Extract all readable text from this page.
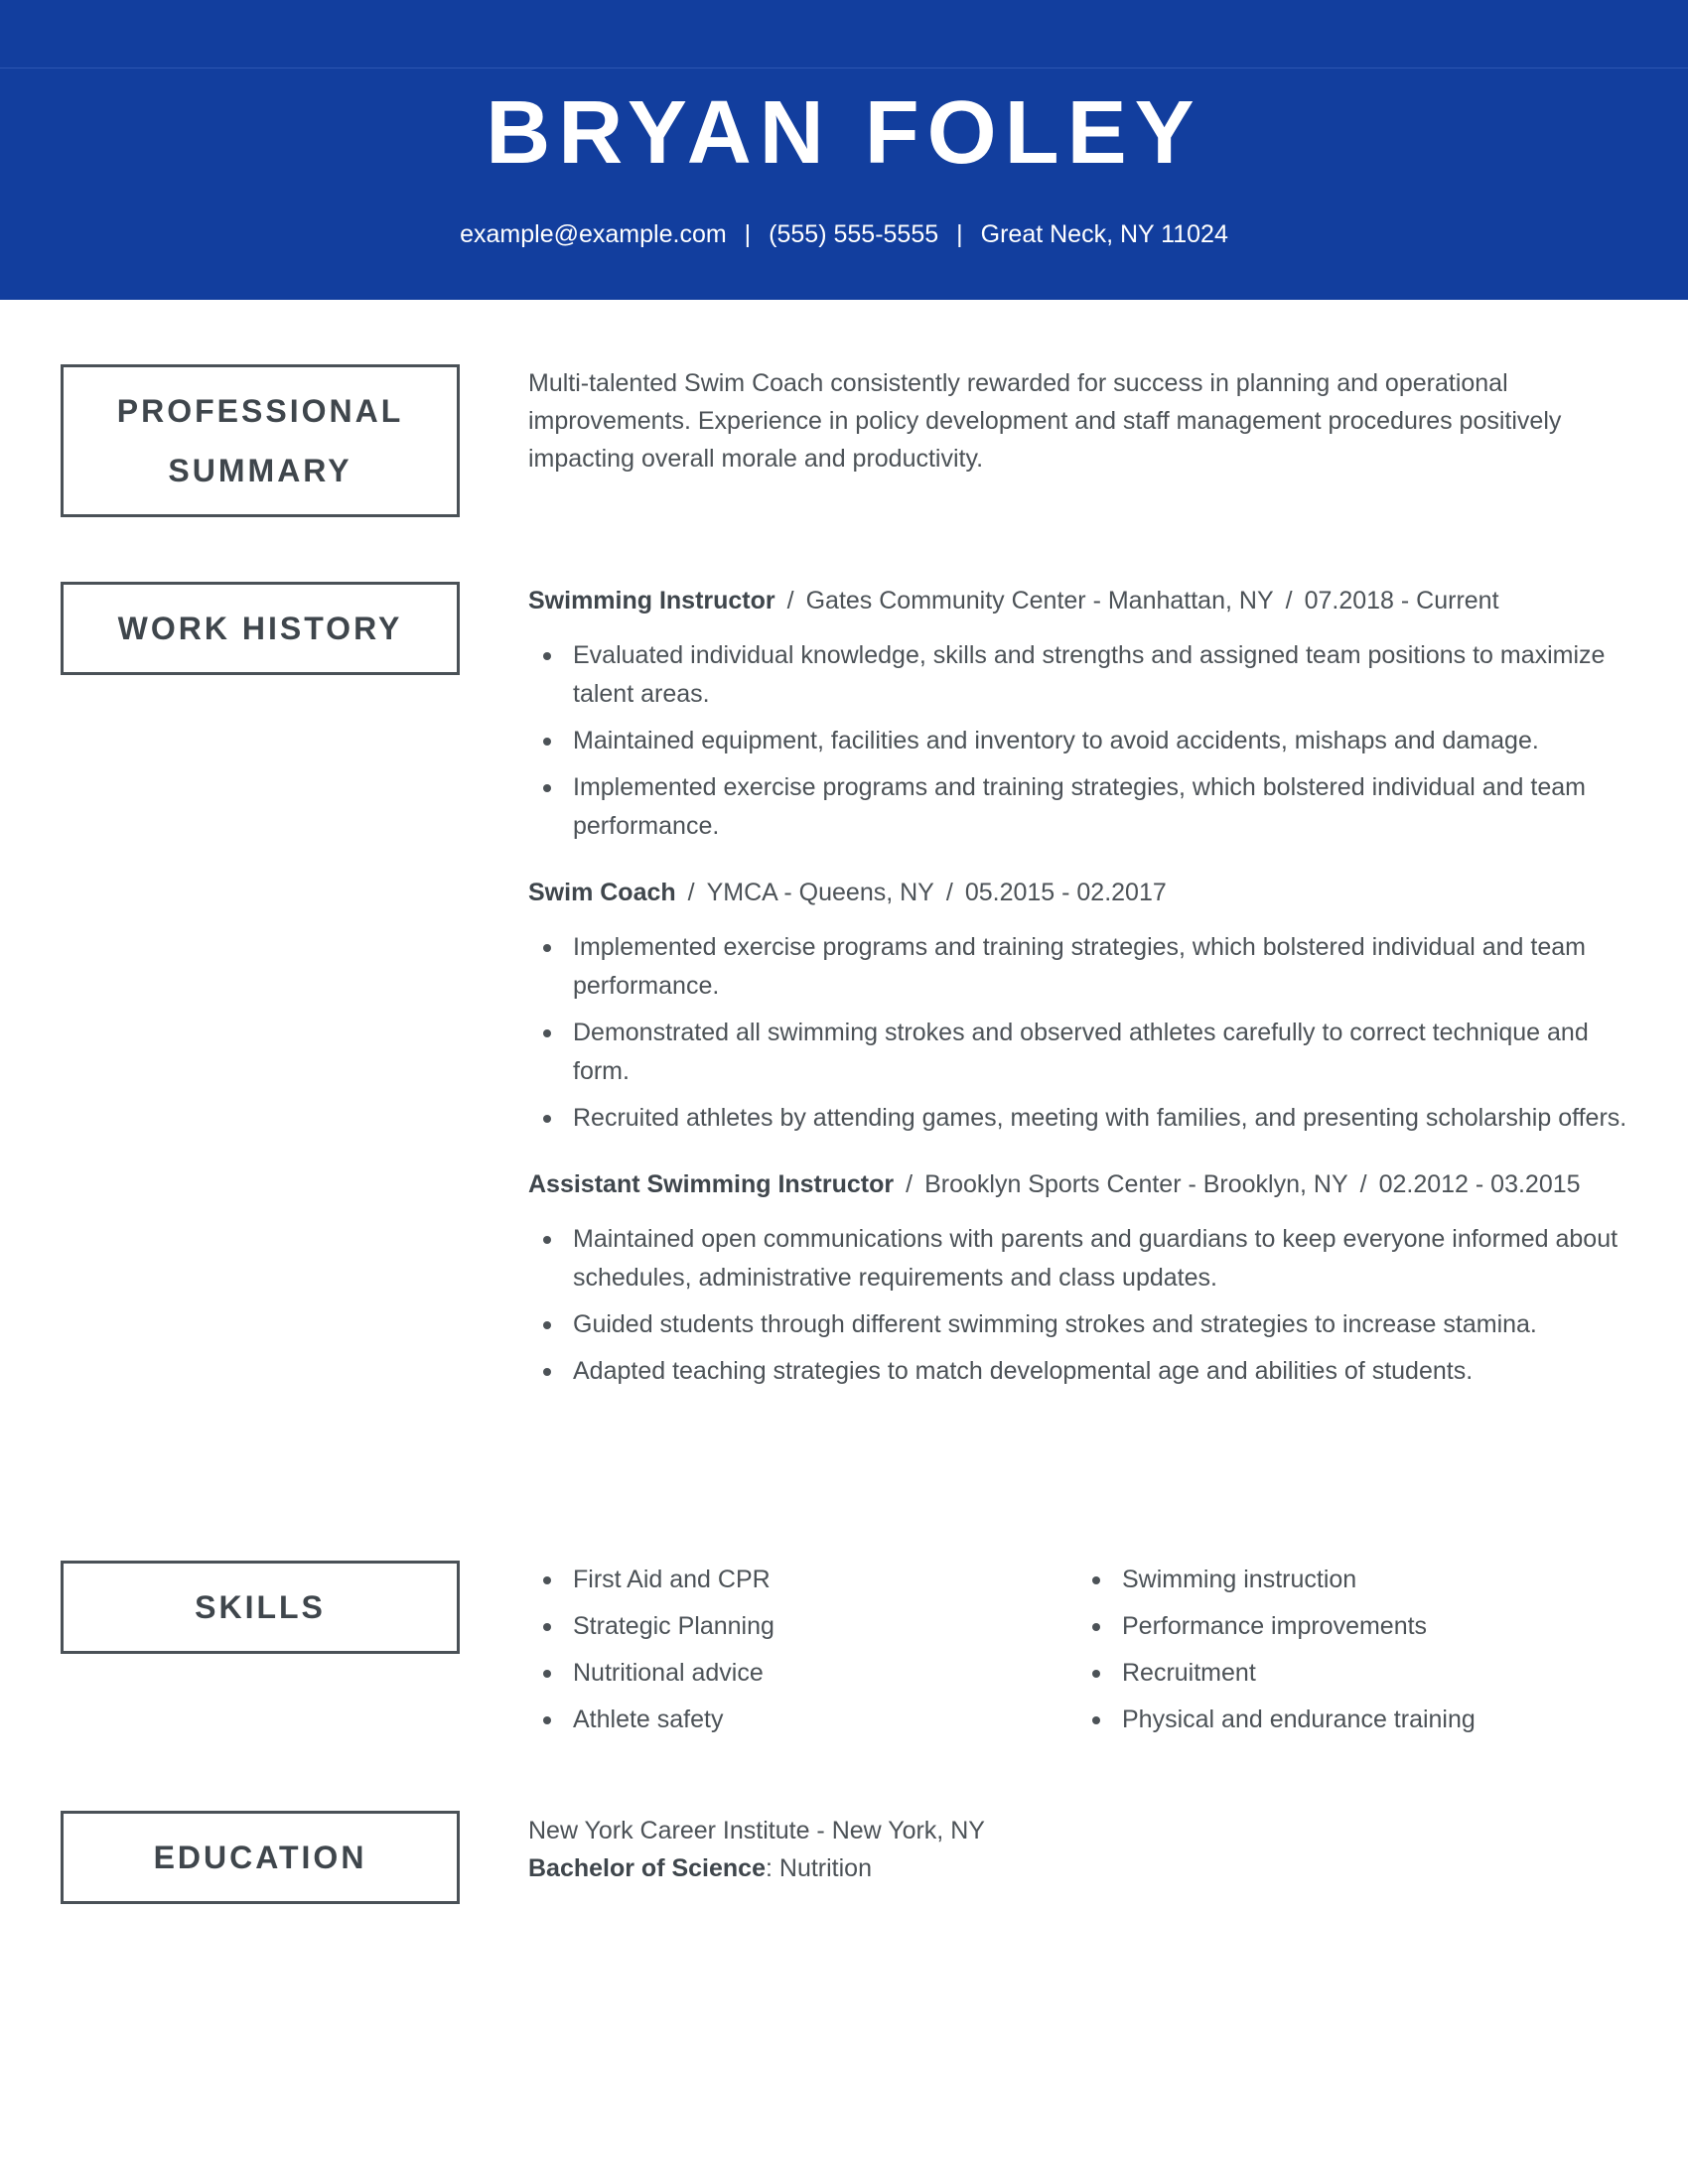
BRYAN FOLEY
example@example.com | (555) 555-5555 | Great Neck, NY 11024
PROFESSIONAL
SUMMARY

Multi-talented Swim Coach consistently rewarded for success in planning and operational improvements. Experience in policy development and staff management procedures positively impacting overall morale and productivity.

WORK HISTORY
Swimming Instructor / Gates Community Center - Manhattan, NY / 07.2018 - Current
Evaluated individual knowledge, skills and strengths and assigned team positions to maximize talent areas.
Maintained equipment, facilities and inventory to avoid accidents, mishaps and damage.
Implemented exercise programs and training strategies, which bolstered individual and team performance.
Swim Coach / YMCA - Queens, NY / 05.2015 - 02.2017
Implemented exercise programs and training strategies, which bolstered individual and team performance.
Demonstrated all swimming strokes and observed athletes carefully to correct technique and form.
Recruited athletes by attending games, meeting with families, and presenting scholarship offers.
Assistant Swimming Instructor / Brooklyn Sports Center - Brooklyn, NY / 02.2012 - 03.2015
Maintained open communications with parents and guardians to keep everyone informed about schedules, administrative requirements and class updates.
Guided students through different swimming strokes and strategies to increase stamina.
Adapted teaching strategies to match developmental age and abilities of students.
SKILLS
First Aid and CPR
Strategic Planning
Nutritional advice
Athlete safety
Swimming instruction
Performance improvements
Recruitment
Physical and endurance training
EDUCATION
New York Career Institute - New York, NY
Bachelor of Science: Nutrition
